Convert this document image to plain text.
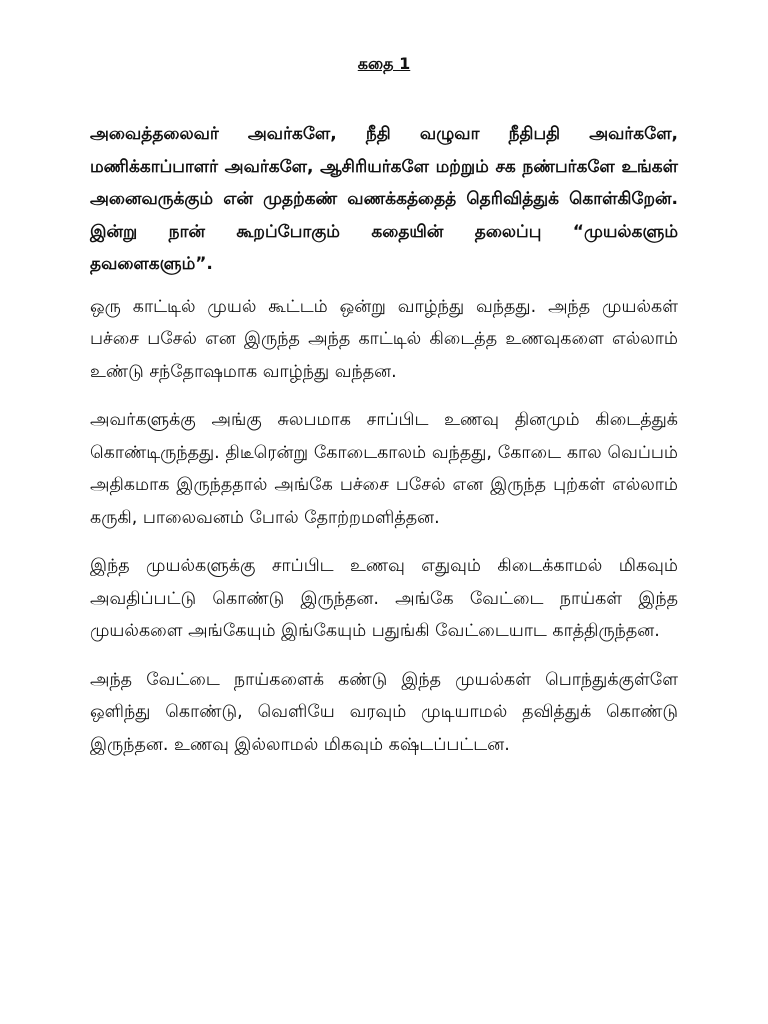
கதை 1

அவைத்தலைவர் அவர்களே, நீதி வழுவா நீதிபதி அவர்களே, மணிக்காப்பாளர் அவர்களே, ஆசிரியர்களே மற்றும் சக நண்பர்களே உங்கள் அனைவருக்கும் என் முதற்கண் வணக்கத்தைத் தெரிவித்துக் கொள்கிறேன். இன்று நான் கூறப்போகும் கதையின் தலைப்பு “முயல்களும் தவளைகளும்”.

ஒரு காட்டில் முயல் கூட்டம் ஒன்று வாழ்ந்து வந்தது. அந்த முயல்கள் பச்சை பசேல் என இருந்த அந்த காட்டில் கிடைத்த உணவுகளை எல்லாம் உண்டு சந்தோஷமாக வாழ்ந்து வந்தன.

அவர்களுக்கு அங்கு சுலபமாக சாப்பிட உணவு தினமும் கிடைத்துக் கொண்டிருந்தது. திடீரென்று கோடைகாலம் வந்தது, கோடை கால வெப்பம் அதிகமாக இருந்ததால் அங்கே பச்சை பசேல் என இருந்த புற்கள் எல்லாம் கருகி, பாலைவனம் போல் தோற்றமளித்தன.

இந்த முயல்களுக்கு சாப்பிட உணவு எதுவும் கிடைக்காமல் மிகவும் அவதிப்பட்டு கொண்டு இருந்தன. அங்கே வேட்டை நாய்கள் இந்த முயல்களை அங்கேயும் இங்கேயும் பதுங்கி வேட்டையாட காத்திருந்தன.

அந்த வேட்டை நாய்களைக் கண்டு இந்த முயல்கள் பொந்துக்குள்ளே ஒளிந்து கொண்டு, வெளியே வரவும் முடியாமல் தவித்துக் கொண்டு இருந்தன. உணவு இல்லாமல் மிகவும் கஷ்டப்பட்டன.
